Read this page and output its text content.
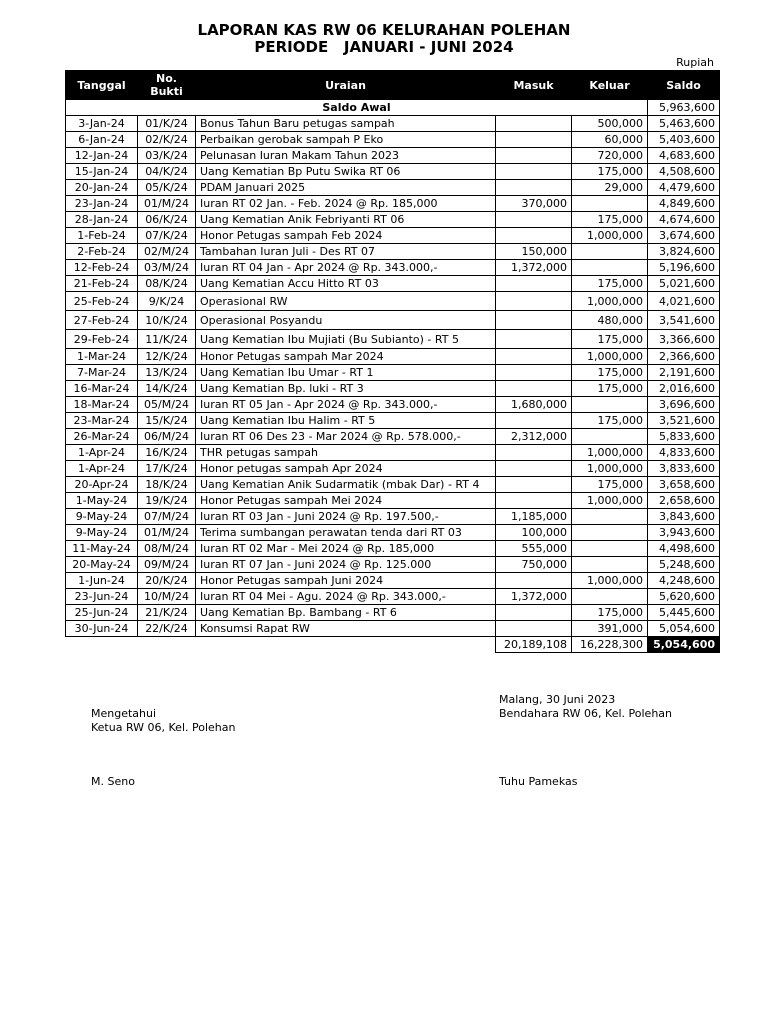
LAPORAN KAS RW 06 KELURAHAN POLEHAN
PERIODE   JANUARI - JUNI 2024
Rupiah
Tanggal	No. Bukti	Uraian	Masuk	Keluar	Saldo
Saldo Awal					5,963,600
3-Jan-24	01/K/24	Bonus Tahun Baru petugas sampah		500,000	5,463,600
6-Jan-24	02/K/24	Perbaikan gerobak sampah P Eko		60,000	5,403,600
12-Jan-24	03/K/24	Pelunasan Iuran Makam Tahun 2023		720,000	4,683,600
15-Jan-24	04/K/24	Uang Kematian Bp Putu Swika RT 06		175,000	4,508,600
20-Jan-24	05/K/24	PDAM Januari 2025		29,000	4,479,600
23-Jan-24	01/M/24	Iuran RT 02 Jan. - Feb. 2024 @ Rp. 185,000	370,000		4,849,600
28-Jan-24	06/K/24	Uang Kematian Anik Febriyanti RT 06		175,000	4,674,600
1-Feb-24	07/K/24	Honor Petugas sampah Feb 2024		1,000,000	3,674,600
2-Feb-24	02/M/24	Tambahan Iuran Juli - Des RT 07	150,000		3,824,600
12-Feb-24	03/M/24	Iuran RT 04 Jan - Apr 2024 @ Rp. 343.000,-	1,372,000		5,196,600
21-Feb-24	08/K/24	Uang Kematian Accu Hitto RT 03		175,000	5,021,600
25-Feb-24	9/K/24	Operasional RW		1,000,000	4,021,600
27-Feb-24	10/K/24	Operasional Posyandu		480,000	3,541,600
29-Feb-24	11/K/24	Uang Kematian Ibu Mujiati (Bu Subianto) - RT 5		175,000	3,366,600
1-Mar-24	12/K/24	Honor Petugas sampah Mar 2024		1,000,000	2,366,600
7-Mar-24	13/K/24	Uang Kematian Ibu Umar - RT 1		175,000	2,191,600
16-Mar-24	14/K/24	Uang Kematian Bp. luki - RT 3		175,000	2,016,600
18-Mar-24	05/M/24	Iuran RT 05 Jan - Apr 2024 @ Rp. 343.000,-	1,680,000		3,696,600
23-Mar-24	15/K/24	Uang Kematian Ibu Halim - RT 5		175,000	3,521,600
26-Mar-24	06/M/24	Iuran RT 06 Des 23 - Mar 2024 @ Rp. 578.000,-	2,312,000		5,833,600
1-Apr-24	16/K/24	THR petugas sampah		1,000,000	4,833,600
1-Apr-24	17/K/24	Honor petugas sampah Apr 2024		1,000,000	3,833,600
20-Apr-24	18/K/24	Uang Kematian Anik Sudarmatik (mbak Dar) - RT 4		175,000	3,658,600
1-May-24	19/K/24	Honor Petugas sampah Mei 2024		1,000,000	2,658,600
9-May-24	07/M/24	Iuran RT 03 Jan - Juni 2024 @ Rp. 197.500,-	1,185,000		3,843,600
9-May-24	01/M/24	Terima sumbangan perawatan tenda dari RT 03	100,000		3,943,600
11-May-24	08/M/24	Iuran RT 02 Mar - Mei 2024 @ Rp. 185,000	555,000		4,498,600
20-May-24	09/M/24	Iuran RT 07 Jan - Juni 2024 @ Rp. 125.000	750,000		5,248,600
1-Jun-24	20/K/24	Honor Petugas sampah Juni 2024		1,000,000	4,248,600
23-Jun-24	10/M/24	Iuran RT 04 Mei - Agu. 2024 @ Rp. 343.000,-	1,372,000		5,620,600
25-Jun-24	21/K/24	Uang Kematian Bp. Bambang - RT 6		175,000	5,445,600
30-Jun-24	22/K/24	Konsumsi Rapat RW		391,000	5,054,600
			20,189,108	16,228,300	5,054,600
Malang, 30 Juni 2023
Mengetahui	Bendahara RW 06, Kel. Polehan
Ketua RW 06, Kel. Polehan
M. Seno	Tuhu Pamekas
